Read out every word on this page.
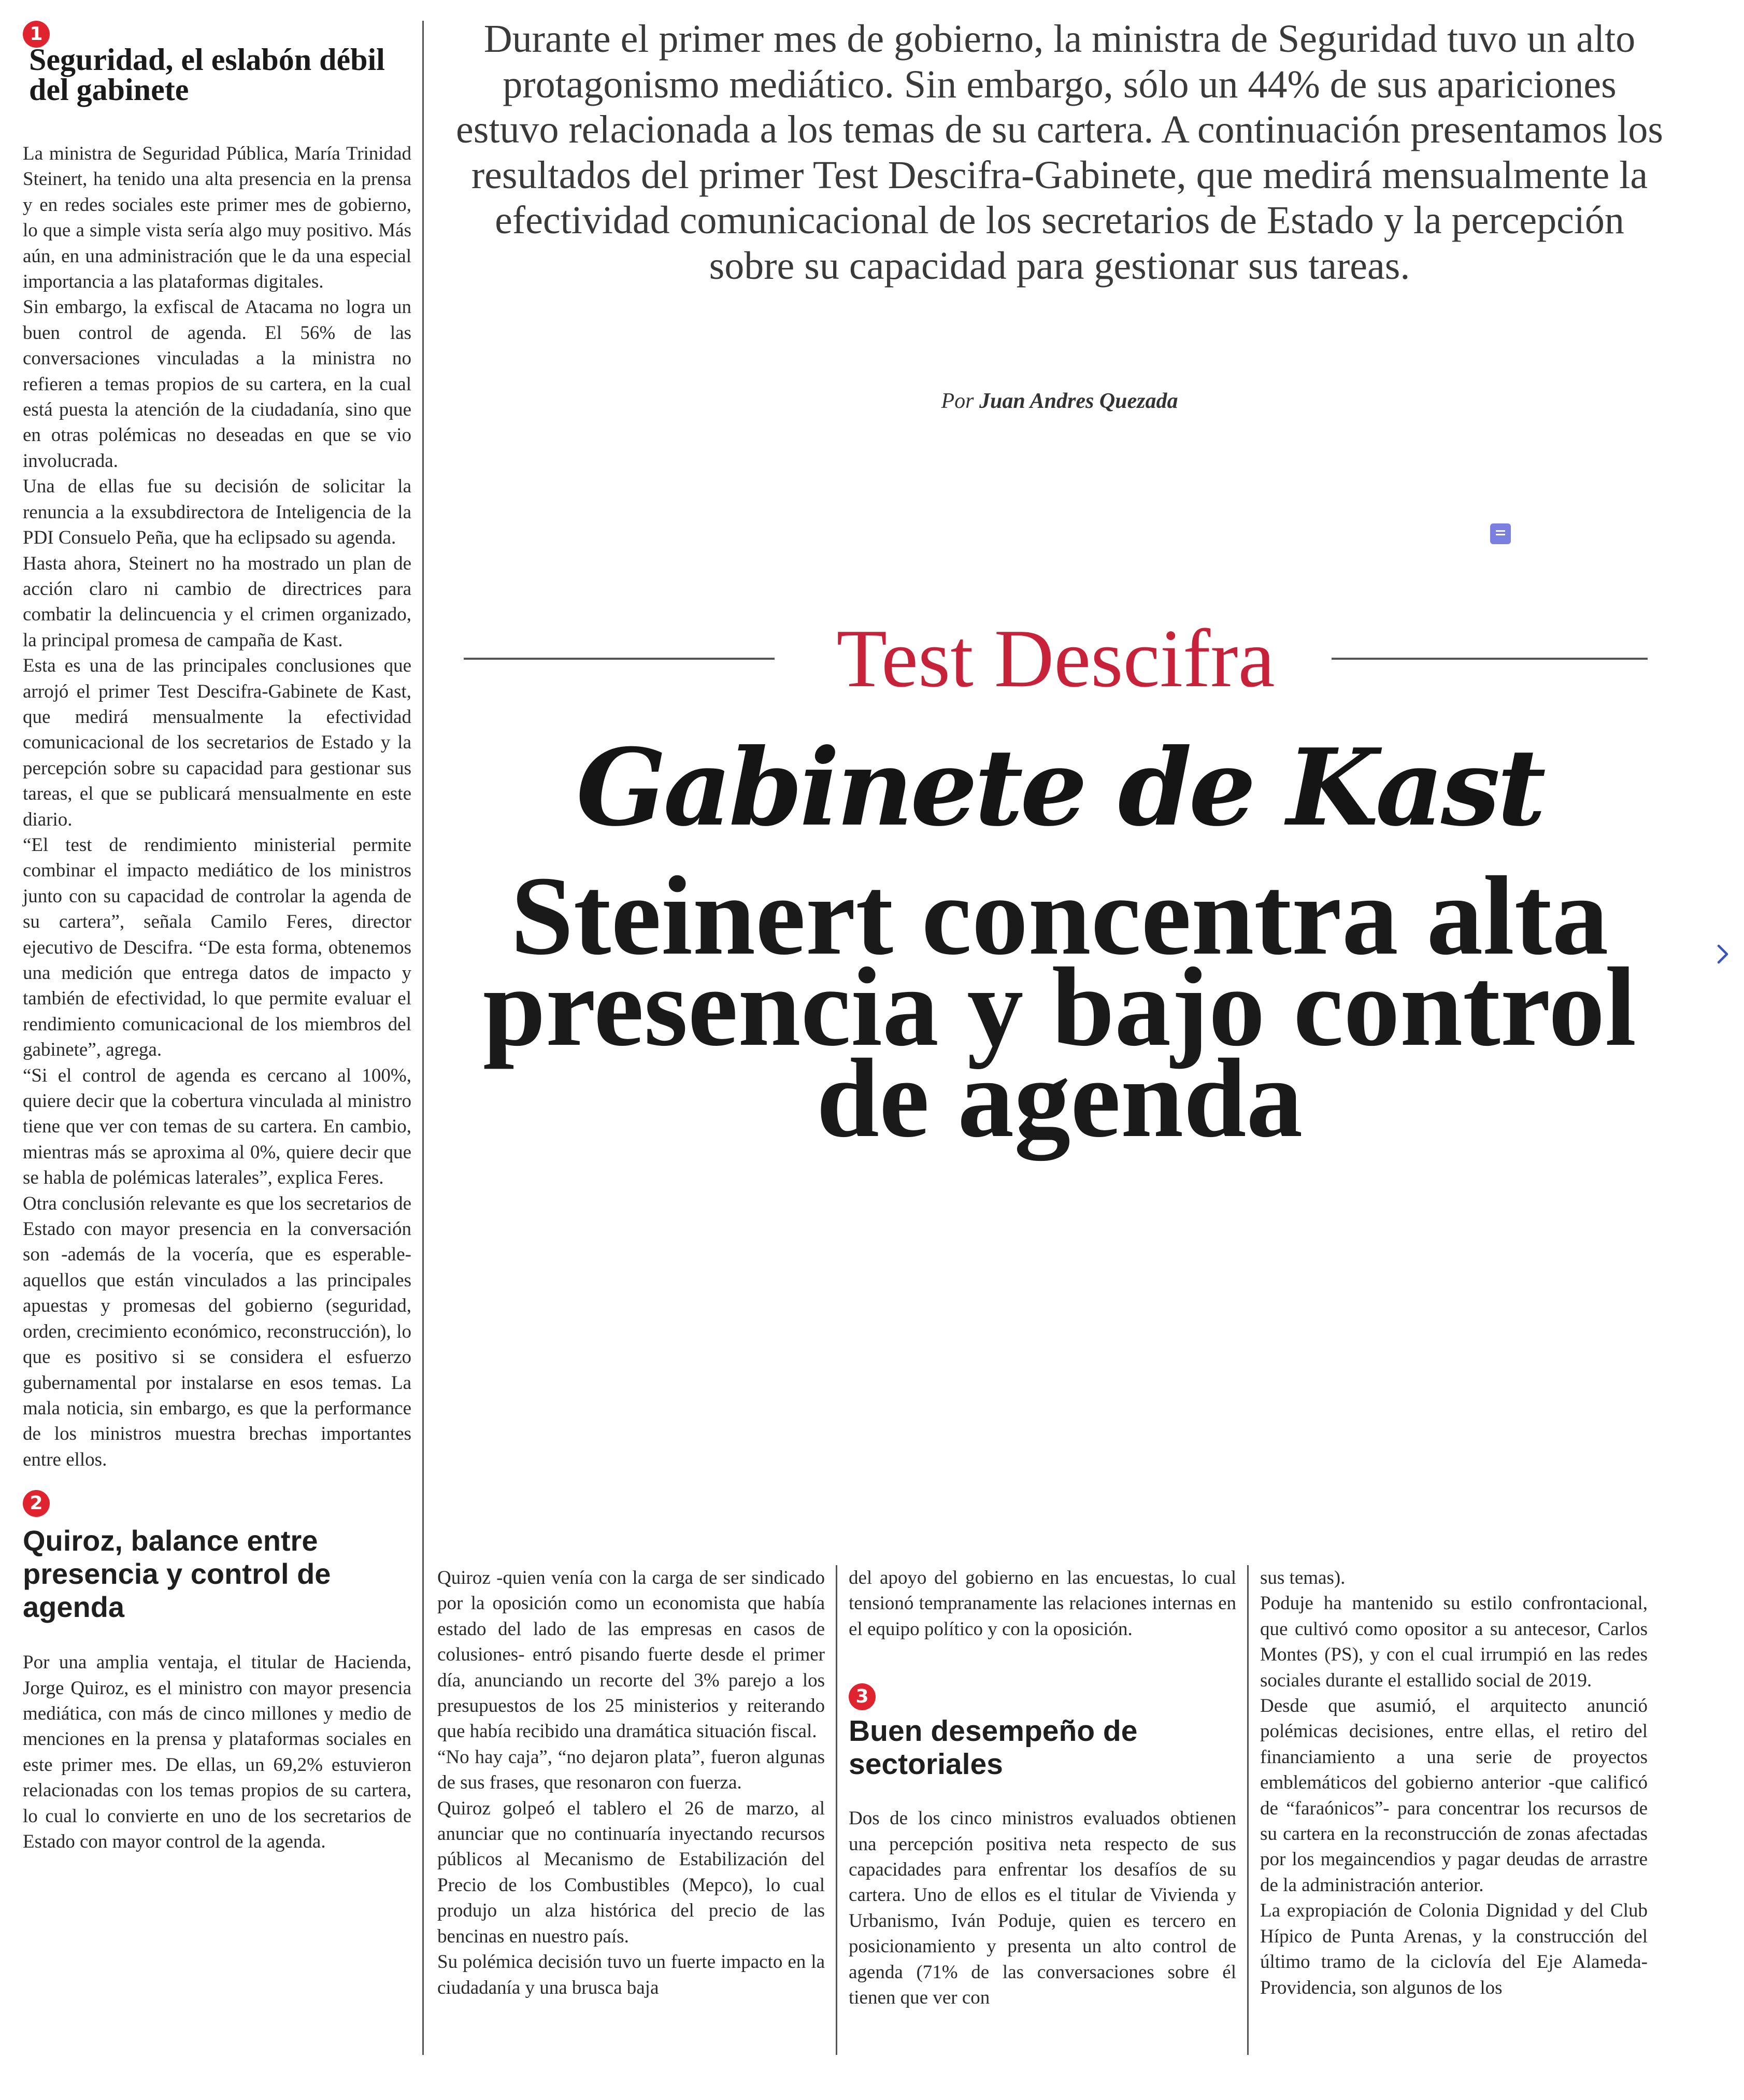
1
Seguridad, el eslabón débil del gabinete

La ministra de Seguridad Pública, María Trinidad Steinert, ha tenido una alta presencia en la prensa y en redes sociales este primer mes de gobierno, lo que a simple vista sería algo muy positivo. Más aún, en una administración que le da una especial importancia a las plataformas digitales.

Sin embargo, la exfiscal de Atacama no logra un buen control de agenda. El 56% de las conversaciones vinculadas a la ministra no refieren a temas propios de su cartera, en la cual está puesta la atención de la ciudadanía, sino que en otras polémicas no deseadas en que se vio involucrada.

Una de ellas fue su decisión de solicitar la renuncia a la exsubdirectora de Inteligencia de la PDI Consuelo Peña, que ha eclipsado su agenda.

Hasta ahora, Steinert no ha mostrado un plan de acción claro ni cambio de directrices para combatir la delincuencia y el crimen organizado, la principal promesa de campaña de Kast.

Esta es una de las principales conclusiones que arrojó el primer Test Descifra-Gabinete de Kast, que medirá mensualmente la efectividad comunicacional de los secretarios de Estado y la percepción sobre su capacidad para gestionar sus tareas, el que se publicará mensualmente en este diario.

“El test de rendimiento ministerial permite combinar el impacto mediático de los ministros junto con su capacidad de controlar la agenda de su cartera”, señala Camilo Feres, director ejecutivo de Descifra. “De esta forma, obtenemos una medición que entrega datos de impacto y también de efectividad, lo que permite evaluar el rendimiento comunicacional de los miembros del gabinete”, agrega.

“Si el control de agenda es cercano al 100%, quiere decir que la cobertura vinculada al ministro tiene que ver con temas de su cartera. En cambio, mientras más se aproxima al 0%, quiere decir que se habla de polémicas laterales”, explica Feres.

Otra conclusión relevante es que los secretarios de Estado con mayor presencia en la conversación son -además de la vocería, que es esperable- aquellos que están vinculados a las principales apuestas y promesas del gobierno (seguridad, orden, crecimiento económico, reconstrucción), lo que es positivo si se considera el esfuerzo gubernamental por instalarse en esos temas. La mala noticia, sin embargo, es que la performance de los ministros muestra brechas importantes entre ellos.

2
Quiroz, balance entre presencia y control de agenda

Por una amplia ventaja, el titular de Hacienda, Jorge Quiroz, es el ministro con mayor presencia mediática, con más de cinco millones y medio de menciones en la prensa y plataformas sociales en este primer mes. De ellas, un 69,2% estuvieron relacionadas con los temas propios de su cartera, lo cual lo convierte en uno de los secretarios de Estado con mayor control de la agenda.

Durante el primer mes de gobierno, la ministra de Seguridad tuvo un alto protagonismo mediático. Sin embargo, sólo un 44% de sus apariciones estuvo relacionada a los temas de su cartera. A continuación presentamos los resultados del primer Test Descifra-Gabinete, que medirá mensualmente la efectividad comunicacional de los secretarios de Estado y la percepción sobre su capacidad para gestionar sus tareas.

Por Juan Andres Quezada
Test Descifra
Gabinete de Kast
Steinert concentra alta presencia y bajo control de agenda

Quiroz -quien venía con la carga de ser sindicado por la oposición como un economista que había estado del lado de las empresas en casos de colusiones- entró pisando fuerte desde el primer día, anunciando un recorte del 3% parejo a los presupuestos de los 25 ministerios y reiterando que había recibido una dramática situación fiscal.

“No hay caja”, “no dejaron plata”, fueron algunas de sus frases, que resonaron con fuerza.

Quiroz golpeó el tablero el 26 de marzo, al anunciar que no continuaría inyectando recursos públicos al Mecanismo de Estabilización del Precio de los Combustibles (Mepco), lo cual produjo un alza histórica del precio de las bencinas en nuestro país.

Su polémica decisión tuvo un fuerte impacto en la ciudadanía y una brusca baja

del apoyo del gobierno en las encuestas, lo cual tensionó tempranamente las relaciones internas en el equipo político y con la oposición.

3
Buen desempeño de sectoriales

Dos de los cinco ministros evaluados obtienen una percepción positiva neta respecto de sus capacidades para enfrentar los desafíos de su cartera. Uno de ellos es el titular de Vivienda y Urbanismo, Iván Poduje, quien es tercero en posicionamiento y presenta un alto control de agenda (71% de las conversaciones sobre él tienen que ver con

sus temas).

Poduje ha mantenido su estilo confrontacional, que cultivó como opositor a su antecesor, Carlos Montes (PS), y con el cual irrumpió en las redes sociales durante el estallido social de 2019.

Desde que asumió, el arquitecto anunció polémicas decisiones, entre ellas, el retiro del financiamiento a una serie de proyectos emblemáticos del gobierno anterior -que calificó de “faraónicos”- para concentrar los recursos de su cartera en la reconstrucción de zonas afectadas por los megaincendios y pagar deudas de arrastre de la administración anterior.

La expropiación de Colonia Dignidad y del Club Hípico de Punta Arenas, y la construcción del último tramo de la ciclovía del Eje Alameda-Providencia, son algunos de los
